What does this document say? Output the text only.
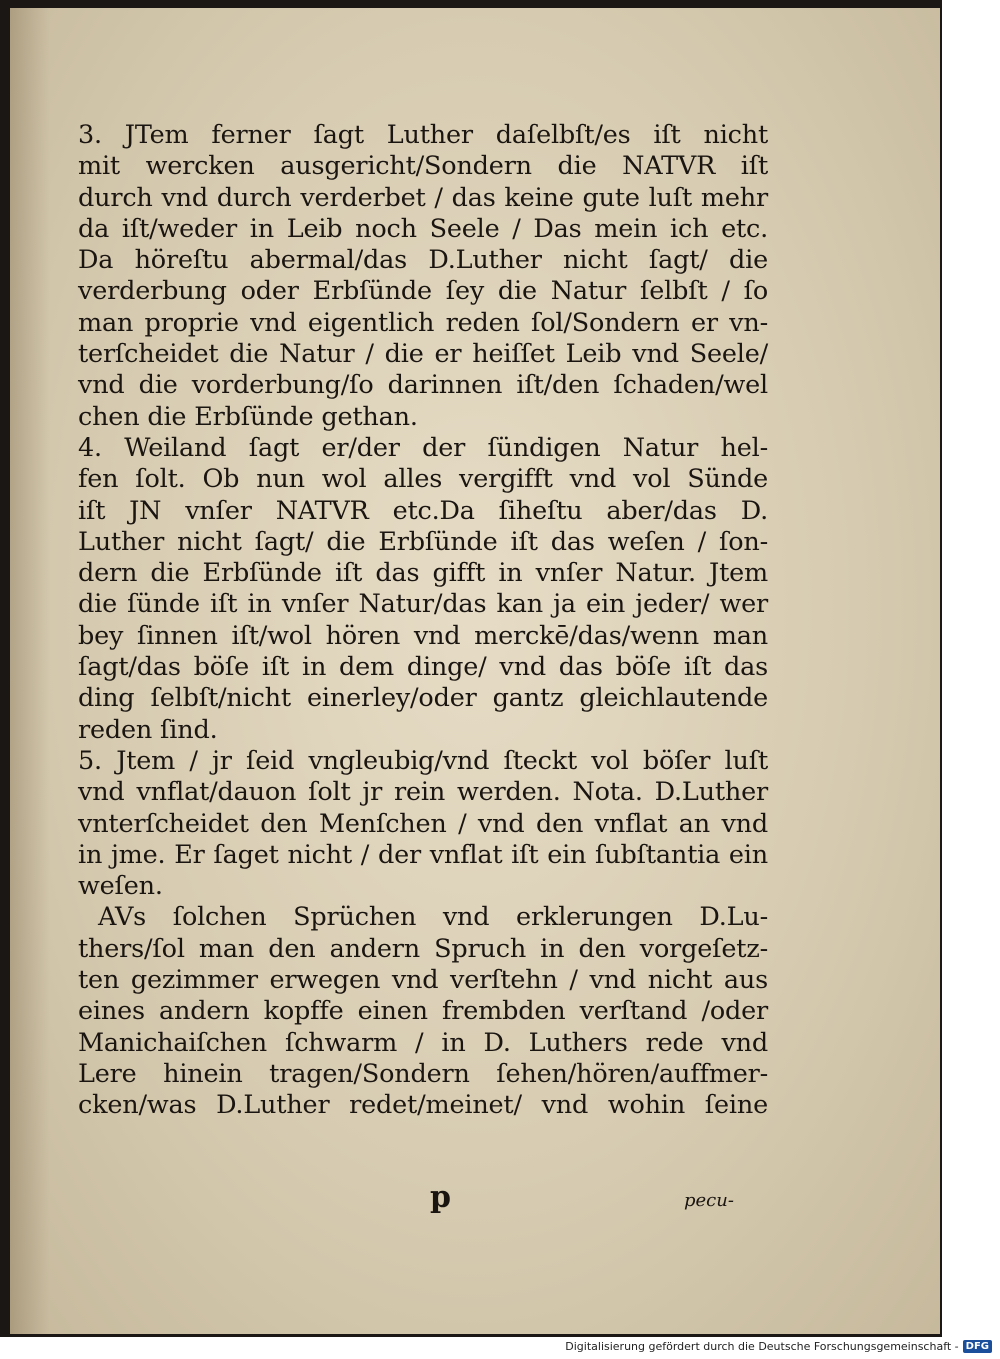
3. JTem ferner ſagt Luther daſelbſt/es iſt nicht
mit wercken ausgericht/Sondern die NATVR iſt
durch vnd durch verderbet / das keine gute luſt mehr
da iſt/weder in Leib noch Seele / Das mein ich etc.
Da höreſtu abermal/das D.Luther nicht ſagt/ die
verderbung oder Erbſünde ſey die Natur ſelbſt / ſo
man proprie vnd eigentlich reden ſol/Sondern er vn-
terſcheidet die Natur / die er heiſſet Leib vnd Seele/
vnd die vorderbung/ſo darinnen iſt/den ſchaden/wel
chen die Erbſünde gethan.
4. Weiland ſagt er/der der ſündigen Natur hel-
fen ſolt. Ob nun wol alles vergifft vnd vol Sünde
iſt JN vnſer NATVR etc.Da ſiheſtu aber/das D.
Luther nicht ſagt/ die Erbſünde iſt das weſen / ſon-
dern die Erbſünde iſt das gifft in vnſer Natur. Jtem
die ſünde iſt in vnſer Natur/das kan ja ein jeder/ wer
bey ſinnen iſt/wol hören vnd merckē/das/wenn man
ſagt/das böſe iſt in dem dinge/ vnd das böſe iſt das
ding ſelbſt/nicht einerley/oder gantz gleichlautende
reden ſind.
5. Jtem / jr ſeid vngleubig/vnd ſteckt vol böſer luſt
vnd vnflat/dauon ſolt jr rein werden. Nota. D.Luther
vnterſcheidet den Menſchen / vnd den vnflat an vnd
in jme. Er ſaget nicht / der vnflat iſt ein ſubſtantia ein
weſen.
AVs ſolchen Sprüchen vnd erklerungen D.Lu-
thers/ſol man den andern Spruch in den vorgeſetz-
ten gezimmer erwegen vnd verſtehn / vnd nicht aus
eines andern kopffe einen frembden verſtand /oder
Manichaiſchen ſchwarm / in D. Luthers rede vnd
Lere hinein tragen/Sondern ſehen/hören/auffmer-
cken/was D.Luther redet/meinet/ vnd wohin ſeine
p	pecu-
Digitalisierung gefördert durch die Deutsche Forschungsgemeinschaft - DFG
